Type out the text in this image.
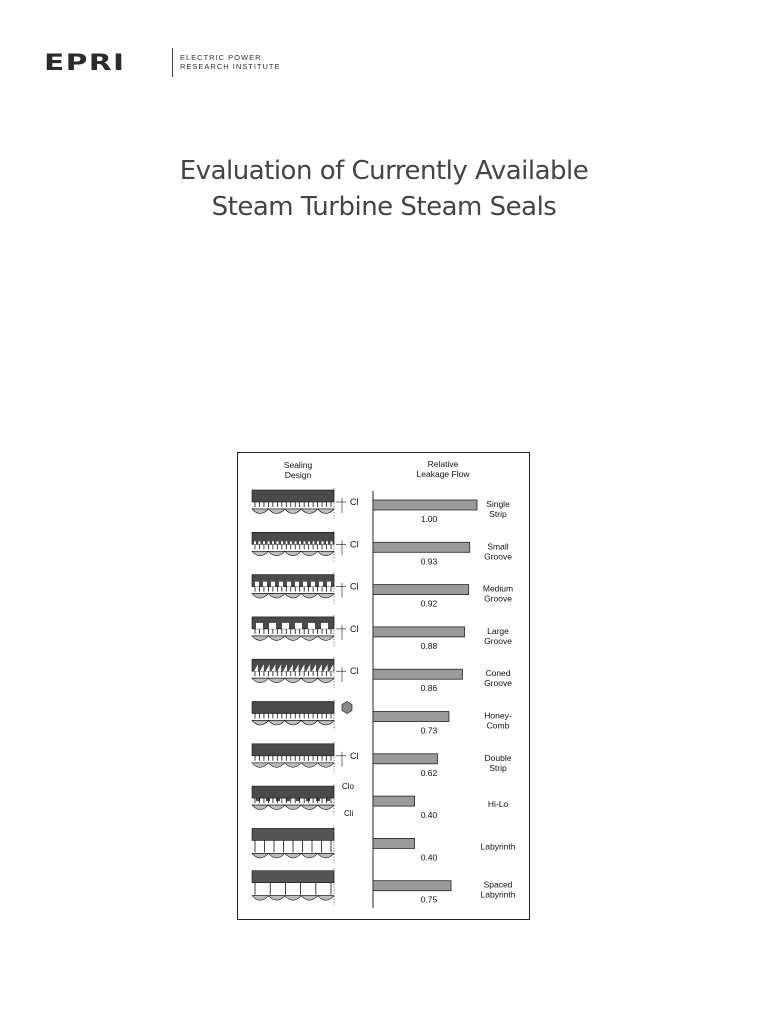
EPRI	ELECTRIC POWER
RESEARCH INSTITUTE
Evaluation of Currently Available
Steam Turbine Steam Seals
Sealing
Design
Relative
Leakage Flow
Cl
1.00
Single
Strip
Cl
0.93
Small
Groove
Cl
0.92
Medium
Groove
Cl
0.88
Large
Groove
Cl
0.86
Coned
Groove
0.73
Honey-
Comb
Cl
0.62
Double
Strip
Clo
Cli	0.40
Hi-Lo
0.40
Labyrinth
0.75
Spaced
Labyrinth
